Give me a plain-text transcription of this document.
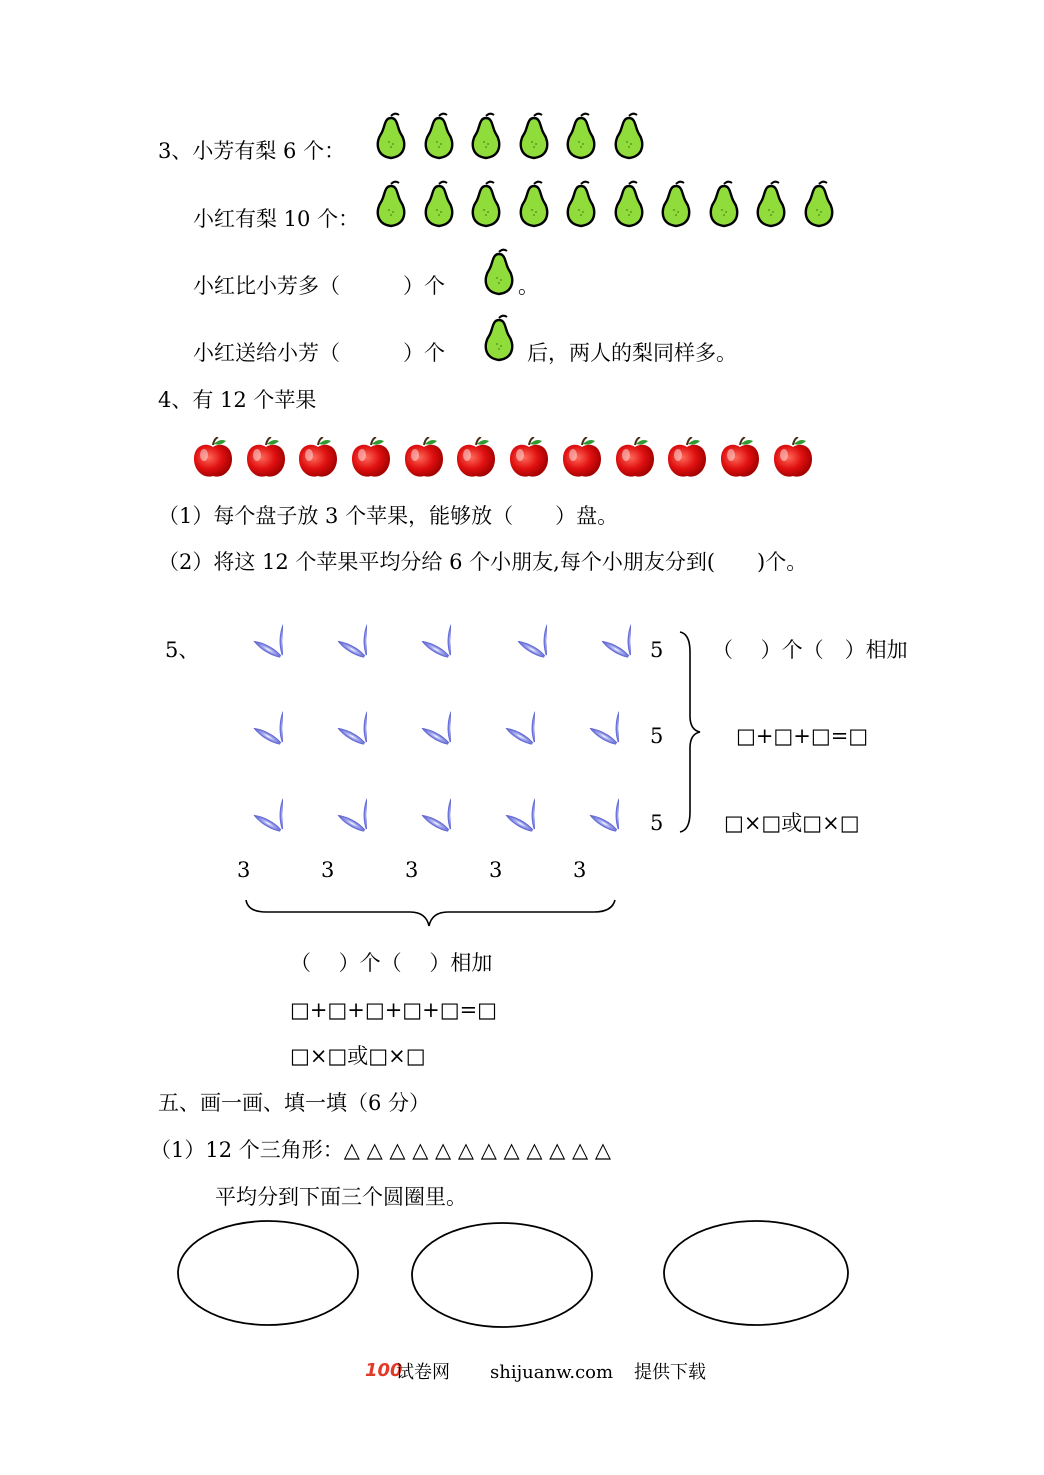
3、小芳有梨 6 个：
小红有梨 10 个：
小红比小芳多（　　　）个	。
小红送给小芳（　　　）个	后，两人的梨同样多。
4、有 12 个苹果
（1）每个盘子放 3 个苹果，能够放（　　）盘。
（2）将这 12 个苹果平均分给 6 个小朋友,每个小朋友分到(　　)个。
5、	5
5
5
（　 ）个（　）相加
□+□+□=□
□×□或□×□
3	3	3	3	3
（　 ）个（　 ）相加
□+□+□+□+□=□
□×□或□×□
五、画一画、填一填（6 分）
（1）12 个三角形：△ △ △ △ △ △ △ △ △ △ △ △
平均分到下面三个圆圈里。
100
试卷网 shijuanw.com 提供下载
